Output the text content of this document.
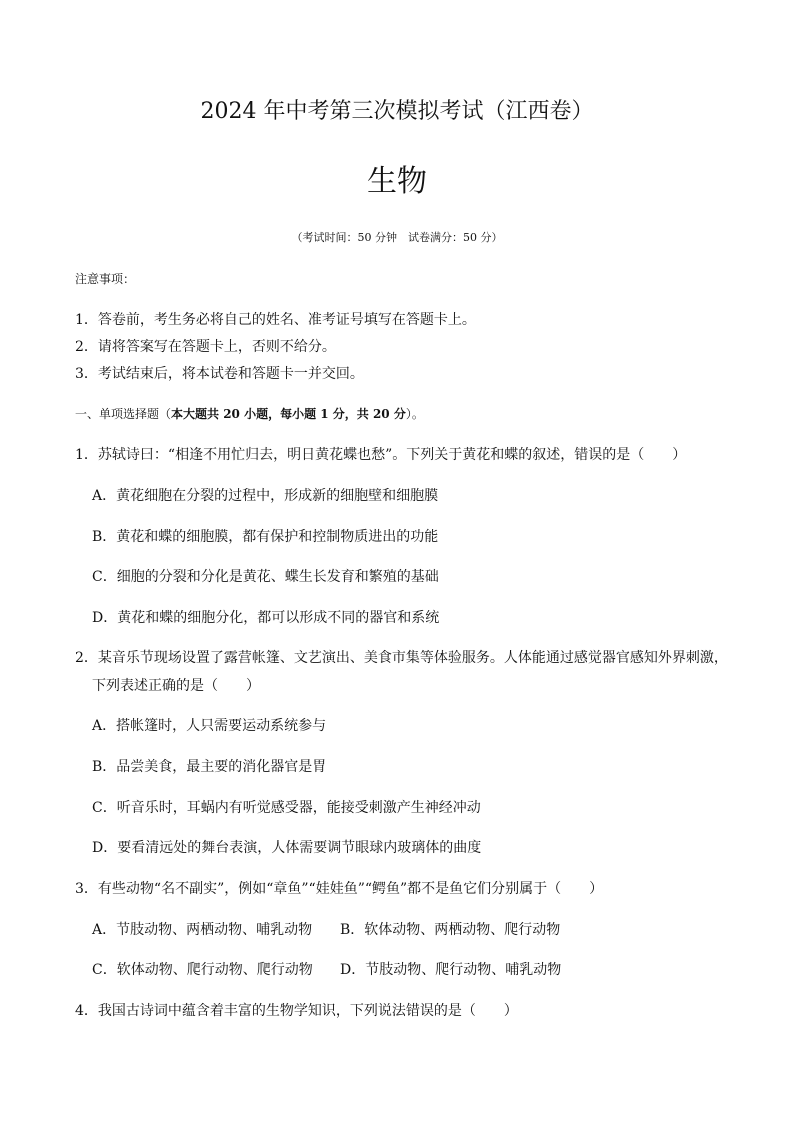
2024 年中考第三次模拟考试（江西卷）
生物
（考试时间：50 分钟　试卷满分：50 分）
注意事项：
1．答卷前，考生务必将自己的姓名、准考证号填写在答题卡上。
2．请将答案写在答题卡上，否则不给分。
3．考试结束后，将本试卷和答题卡一并交回。
一、单项选择题（本大题共 20 小题，每小题 1 分，共 20 分）。
1．苏轼诗曰：“相逢不用忙归去，明日黄花蝶也愁”。下列关于黄花和蝶的叙述，错误的是（　　）
A．黄花细胞在分裂的过程中，形成新的细胞壁和细胞膜
B．黄花和蝶的细胞膜，都有保护和控制物质进出的功能
C．细胞的分裂和分化是黄花、蝶生长发育和繁殖的基础
D．黄花和蝶的细胞分化，都可以形成不同的器官和系统
2．某音乐节现场设置了露营帐篷、文艺演出、美食市集等体验服务。人体能通过感觉器官感知外界刺激，
下列表述正确的是（　　）
A．搭帐篷时，人只需要运动系统参与
B．品尝美食，最主要的消化器官是胃
C．听音乐时，耳蜗内有听觉感受器，能接受刺激产生神经冲动
D．要看清远处的舞台表演，人体需要调节眼球内玻璃体的曲度
3．有些动物“名不副实”，例如“章鱼”“娃娃鱼”“鳄鱼”都不是鱼它们分别属于（　　）
A．节肢动物、两栖动物、哺乳动物 B．软体动物、两栖动物、爬行动物
C．软体动物、爬行动物、爬行动物 D．节肢动物、爬行动物、哺乳动物
4．我国古诗词中蕴含着丰富的生物学知识，下列说法错误的是（　　）
